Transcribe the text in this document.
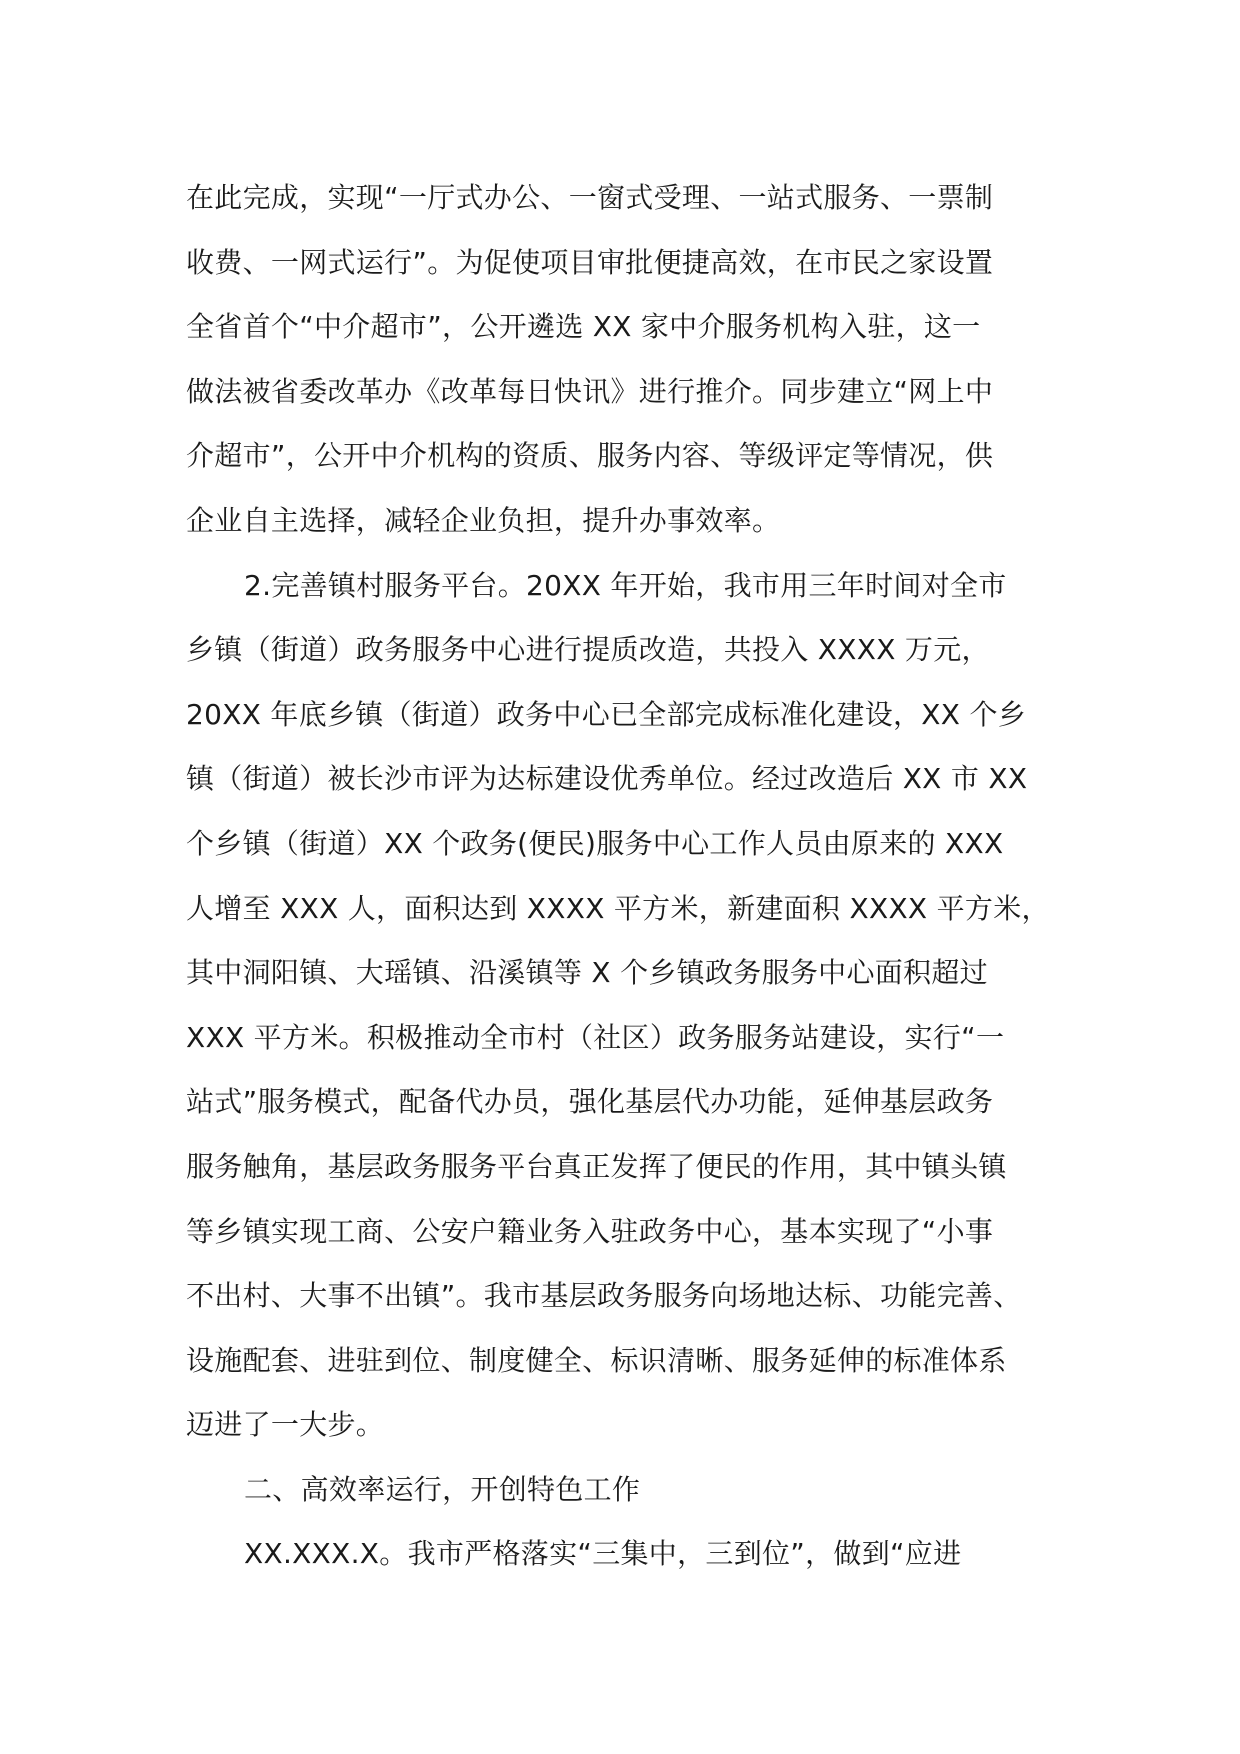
在此完成，实现“一厅式办公、一窗式受理、一站式服务、一票制
收费、一网式运行”。为促使项目审批便捷高效，在市民之家设置
全省首个“中介超市”，公开遴选 XX 家中介服务机构入驻，这一
做法被省委改革办《改革每日快讯》进行推介。同步建立“网上中
介超市”，公开中介机构的资质、服务内容、等级评定等情况，供
企业自主选择，减轻企业负担，提升办事效率。
2.完善镇村服务平台。20XX 年开始，我市用三年时间对全市
乡镇（街道）政务服务中心进行提质改造，共投入 XXXX 万元，
20XX 年底乡镇（街道）政务中心已全部完成标准化建设，XX 个乡
镇（街道）被长沙市评为达标建设优秀单位。经过改造后 XX 市 XX
个乡镇（街道）XX 个政务(便民)服务中心工作人员由原来的 XXX
人增至 XXX 人，面积达到 XXXX 平方米，新建面积 XXXX 平方米，
其中洞阳镇、大瑶镇、沿溪镇等 X 个乡镇政务服务中心面积超过
XXX 平方米。积极推动全市村（社区）政务服务站建设，实行“一
站式”服务模式，配备代办员，强化基层代办功能，延伸基层政务
服务触角，基层政务服务平台真正发挥了便民的作用，其中镇头镇
等乡镇实现工商、公安户籍业务入驻政务中心，基本实现了“小事
不出村、大事不出镇”。我市基层政务服务向场地达标、功能完善、
设施配套、进驻到位、制度健全、标识清晰、服务延伸的标准体系
迈进了一大步。
二、高效率运行，开创特色工作
XX.XXX.X。我市严格落实“三集中，三到位”，做到“应进
